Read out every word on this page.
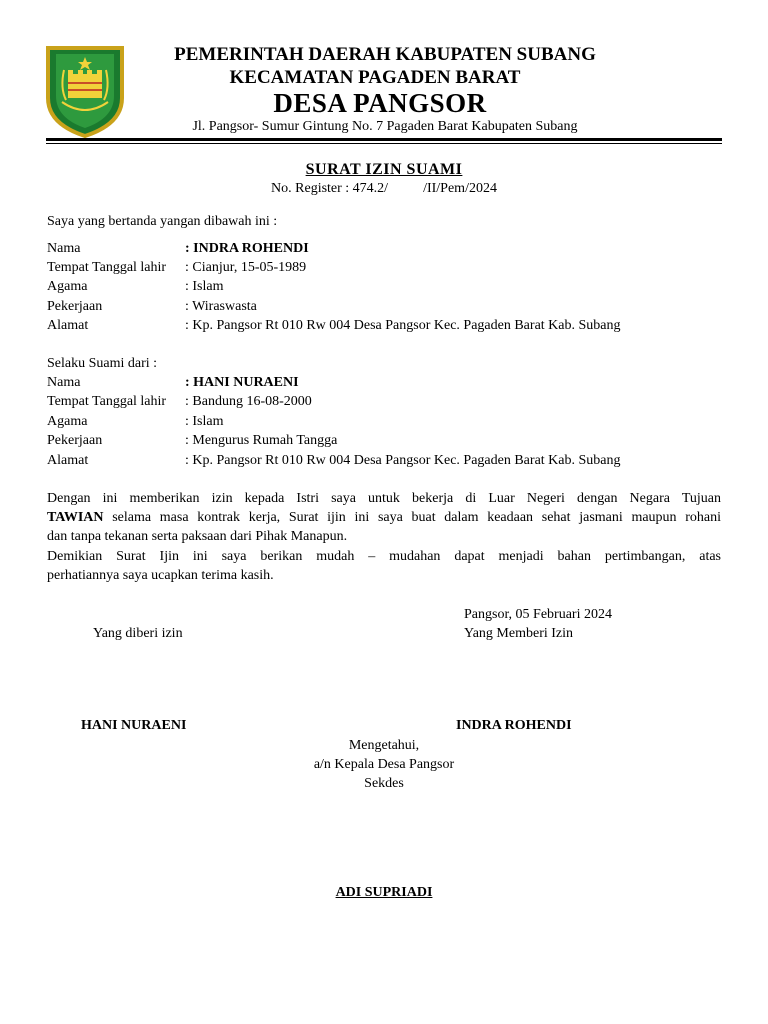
PEMERINTAH DAERAH KABUPATEN SUBANG
KECAMATAN PAGADEN BARAT
DESA PANGSOR
Jl. Pangsor- Sumur Gintung No. 7 Pagaden Barat Kabupaten Subang
SURAT IZIN SUAMI
No. Register : 474.2/          /II/Pem/2024
Saya yang bertanda yangan dibawah ini :
Nama	: INDRA ROHENDI
Tempat Tanggal lahir : Cianjur, 15-05-1989
Agama	: Islam
Pekerjaan	: Wiraswasta
Alamat	: Kp. Pangsor Rt 010 Rw 004 Desa Pangsor Kec. Pagaden Barat Kab. Subang
Selaku Suami dari :
Nama	: HANI NURAENI
Tempat Tanggal lahir : Bandung 16-08-2000
Agama	: Islam
Pekerjaan	: Mengurus Rumah Tangga
Alamat	: Kp. Pangsor Rt 010 Rw 004 Desa Pangsor Kec. Pagaden Barat Kab. Subang
Dengan ini memberikan izin kepada Istri saya untuk bekerja di Luar Negeri dengan Negara Tujuan
TAWIAN selama masa kontrak kerja, Surat ijin ini saya buat dalam keadaan sehat jasmani maupun rohani
dan tanpa tekanan serta paksaan dari Pihak Manapun.
Demikian Surat Ijin ini saya berikan mudah – mudahan dapat menjadi bahan pertimbangan, atas
perhatiannya saya ucapkan terima kasih.
Pangsor, 05 Februari 2024
Yang diberi izin	Yang Memberi Izin
HANI NURAENI	INDRA ROHENDI
Mengetahui,
a/n Kepala Desa Pangsor
Sekdes
ADI SUPRIADI
